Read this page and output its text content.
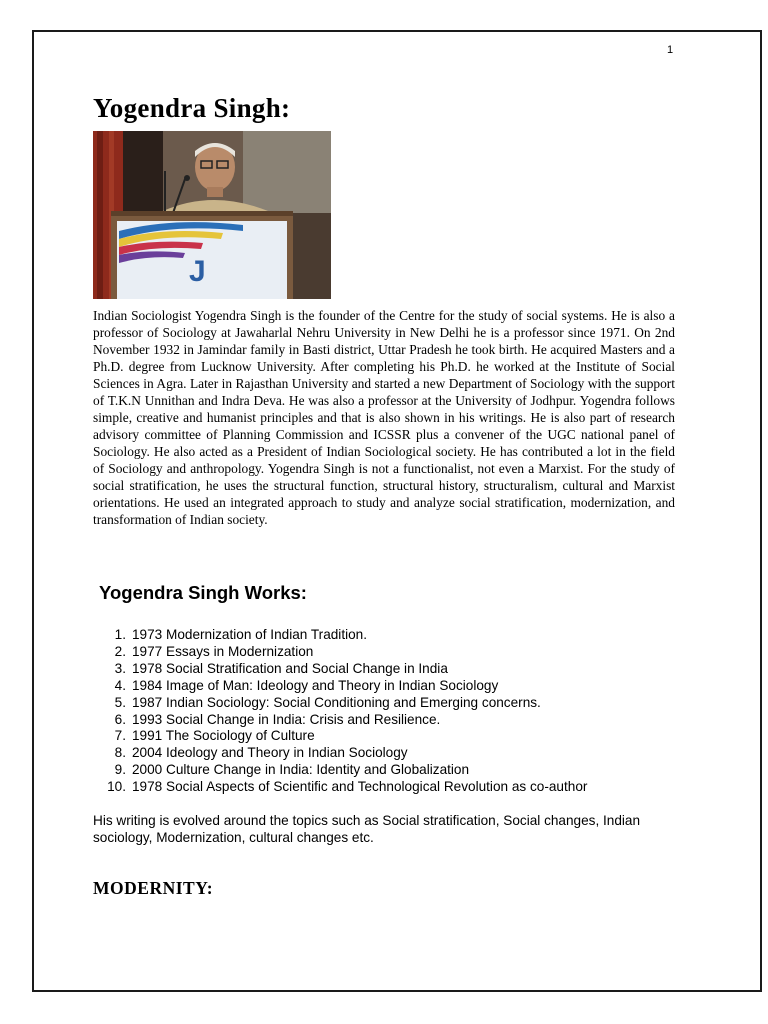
1
Yogendra Singh:
J

Indian Sociologist Yogendra Singh is the founder of the Centre for the study of social systems. He is also a professor of Sociology at Jawaharlal Nehru University in New Delhi he is a professor since 1971. On 2nd November 1932 in Jamindar family in Basti district, Uttar Pradesh he took birth. He acquired Masters and a Ph.D. degree from Lucknow University. After completing his Ph.D. he worked at the Institute of Social Sciences in Agra. Later in Rajasthan University and started a new Department of Sociology with the support of T.K.N Unnithan and Indra Deva. He was also a professor at the University of Jodhpur. Yogendra follows simple, creative and humanist principles and that is also shown in his writings. He is also part of research advisory committee of Planning Commission and ICSSR plus a convener of the UGC national panel of Sociology. He also acted as a President of Indian Sociological society. He has contributed a lot in the field of Sociology and anthropology. Yogendra Singh is not a functionalist, not even a Marxist. For the study of social stratification, he uses the structural function, structural history, structuralism, cultural and Marxist orientations. He used an integrated approach to study and analyze social stratification, modernization, and transformation of Indian society.

Yogendra Singh Works:
1. 1973 Modernization of Indian Tradition.
2. 1977 Essays in Modernization
3. 1978 Social Stratification and Social Change in India
4. 1984 Image of Man: Ideology and Theory in Indian Sociology
5. 1987 Indian Sociology: Social Conditioning and Emerging concerns.
6. 1993 Social Change in India: Crisis and Resilience.
7. 1991 The Sociology of Culture
8. 2004 Ideology and Theory in Indian Sociology
9. 2000 Culture Change in India: Identity and Globalization
10. 1978 Social Aspects of Scientific and Technological Revolution as co-author

His writing is evolved around the topics such as Social stratification, Social changes, Indian sociology, Modernization, cultural changes etc.

MODERNITY:
